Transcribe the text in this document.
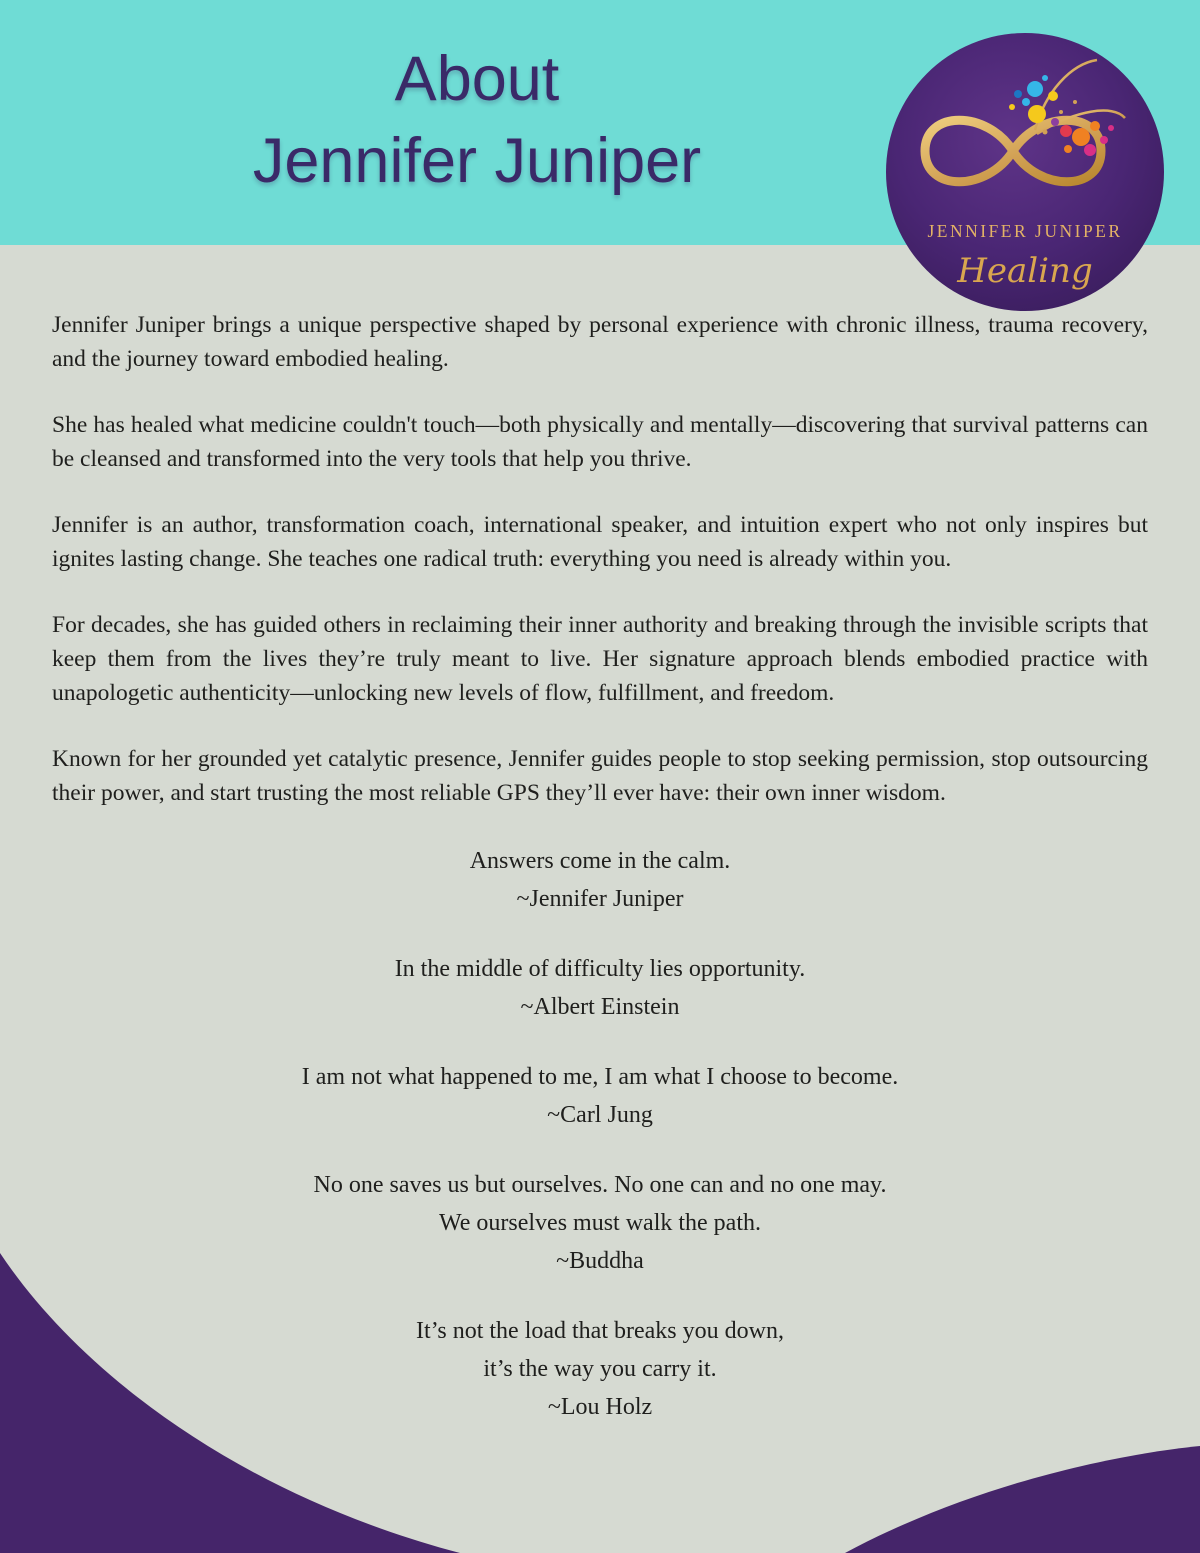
About
Jennifer Juniper
JENNIFER JUNIPER
Healing

Jennifer Juniper brings a unique perspective shaped by personal experience with chronic illness, trauma recovery, and the journey toward embodied healing.

She has healed what medicine couldn't touch—both physically and mentally—discovering that survival patterns can be cleansed and transformed into the very tools that help you thrive.

Jennifer is an author, transformation coach, international speaker, and intuition expert who not only inspires but ignites lasting change. She teaches one radical truth: everything you need is already within you.

For decades, she has guided others in reclaiming their inner authority and breaking through the invisible scripts that keep them from the lives they’re truly meant to live. Her signature approach blends embodied practice with unapologetic authenticity—unlocking new levels of flow, fulfillment, and freedom.

Known for her grounded yet catalytic presence, Jennifer guides people to stop seeking permission, stop outsourcing their power, and start trusting the most reliable GPS they’ll ever have: their own inner wisdom.

Answers come in the calm.
~Jennifer Juniper
In the middle of difficulty lies opportunity.
~Albert Einstein
I am not what happened to me, I am what I choose to become.
~Carl Jung
No one saves us but ourselves. No one can and no one may.
We ourselves must walk the path.
~Buddha
It’s not the load that breaks you down,
it’s the way you carry it.
~Lou Holz
